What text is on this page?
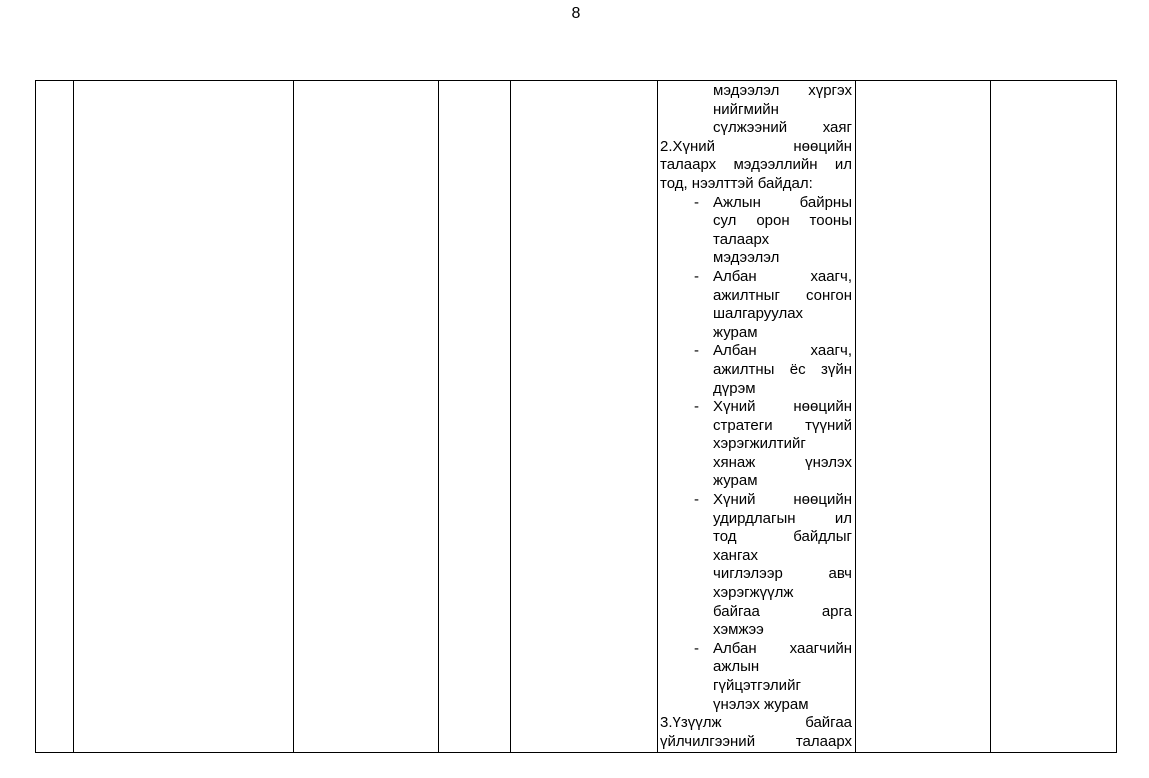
8
мэдээлэл хүргэх
нийгмийн
сүлжээний хаяг
2.Хүний	нөөцийн
талаарх мэдээллийн ил
тод, нээлттэй байдал:
- Ажлын	байрны
сул орон тооны
талаарх
мэдээлэл
- Албан	хаагч,
ажилтныг сонгон
шалгаруулах
журам
- Албан	хаагч,
ажилтны ёс зүйн
дүрэм
- Хүний	нөөцийн
стратеги түүний
хэрэгжилтийг
хянаж	үнэлэх
журам
- Хүний	нөөцийн
удирдлагын	ил
тод	байдлыг
хангах
чиглэлээр	авч
хэрэгжүүлж
байгаа	арга
хэмжээ
- Албан хаагчийн
ажлын
гүйцэтгэлийг
үнэлэх журам
3.Үзүүлж	байгаа
үйлчилгээний	талаарх
